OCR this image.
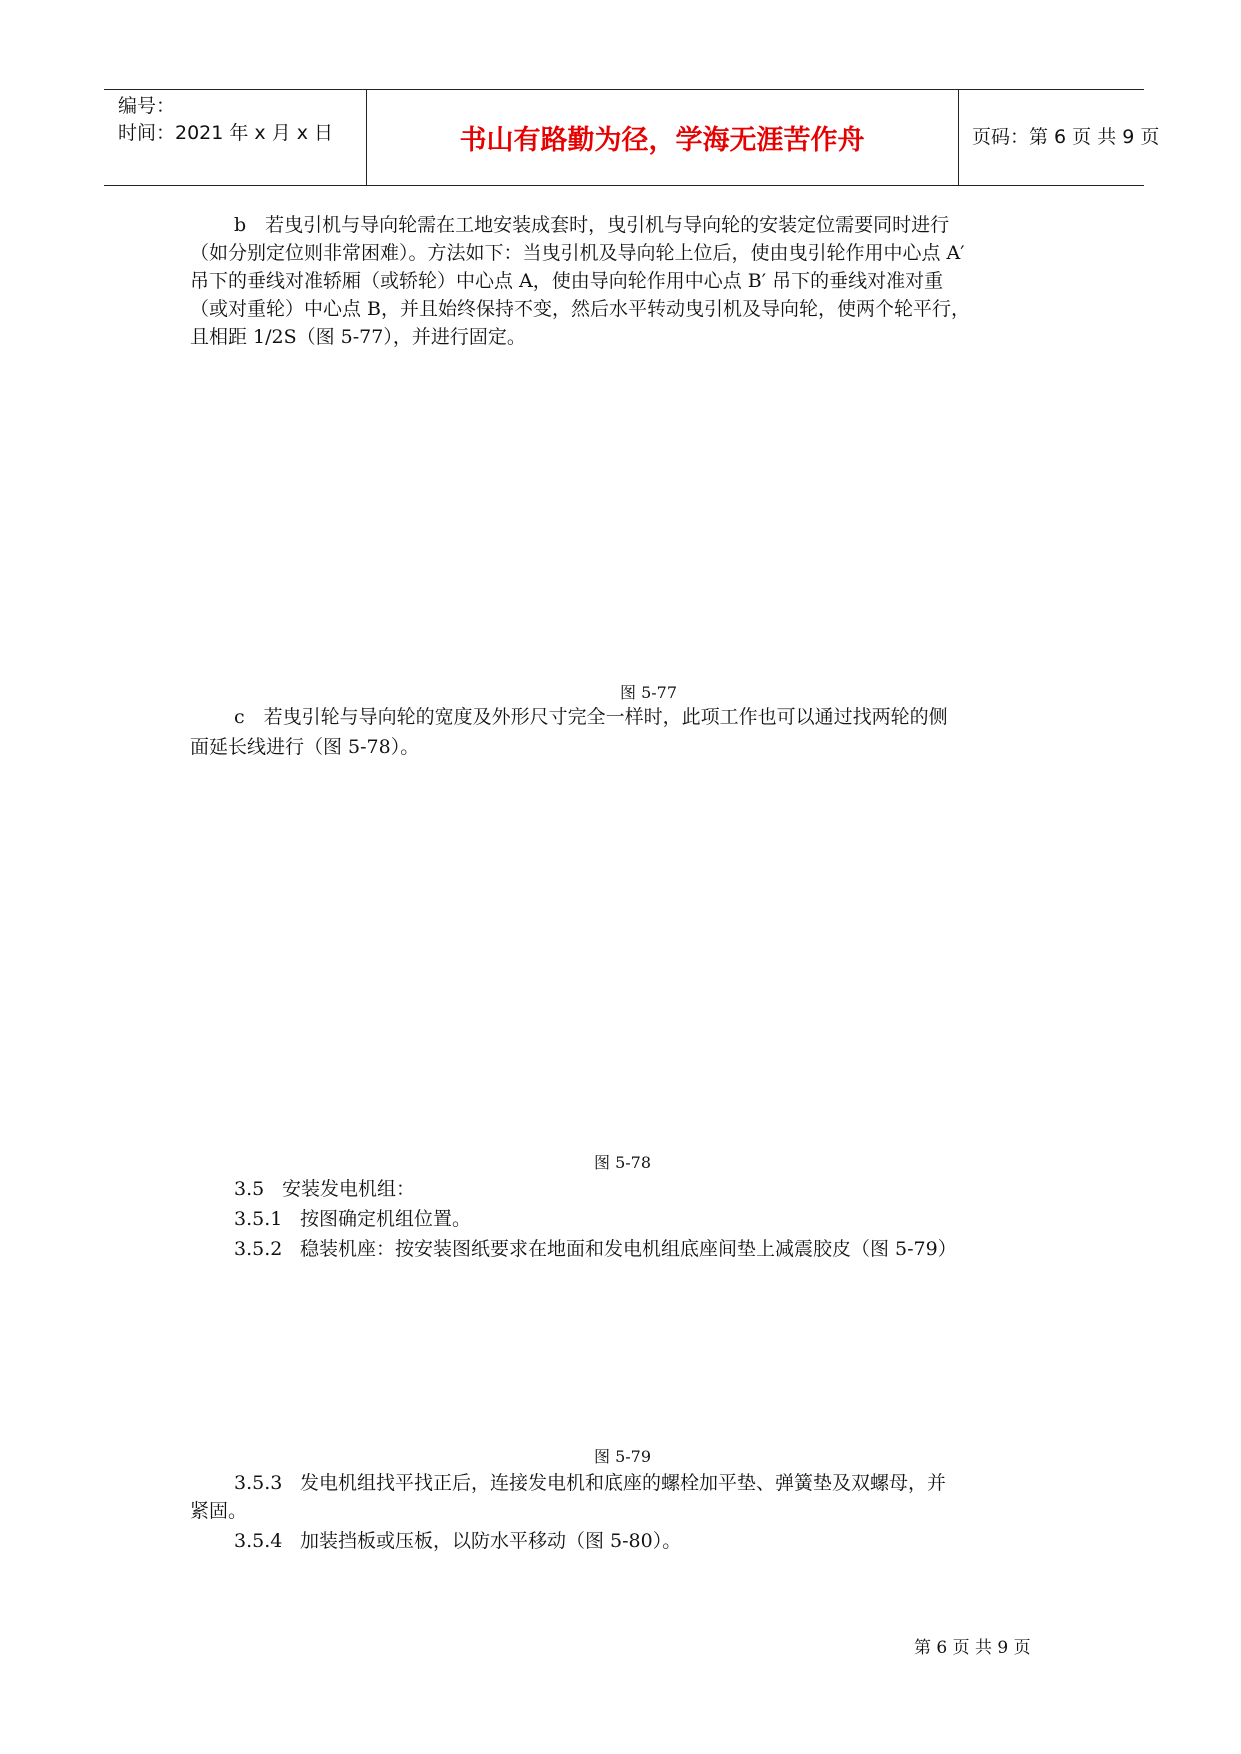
编号：
时间：2021 年 x 月 x 日	书山有路勤为径，学海无涯苦作舟	页码：第 6 页 共 9 页
b　若曳引机与导向轮需在工地安装成套时，曳引机与导向轮的安装定位需要同时进行
（如分别定位则非常困难）。方法如下：当曳引机及导向轮上位后，使由曳引轮作用中心点 A′
吊下的垂线对准轿厢（或轿轮）中心点 A，使由导向轮作用中心点 B′ 吊下的垂线对准对重
（或对重轮）中心点 B，并且始终保持不变，然后水平转动曳引机及导向轮，使两个轮平行，
且相距 1/2S（图 5-77），并进行固定。
图 5-77
c　若曳引轮与导向轮的宽度及外形尺寸完全一样时，此项工作也可以通过找两轮的侧
面延长线进行（图 5-78）。
图 5-78
3.5 安装发电机组：
3.5.1 按图确定机组位置。
3.5.2 稳装机座：按安装图纸要求在地面和发电机组底座间垫上减震胶皮（图 5-79）
图 5-79
3.5.3 发电机组找平找正后，连接发电机和底座的螺栓加平垫、弹簧垫及双螺母，并
紧固。
3.5.4 加装挡板或压板，以防水平移动（图 5-80）。
第 6 页 共 9 页
